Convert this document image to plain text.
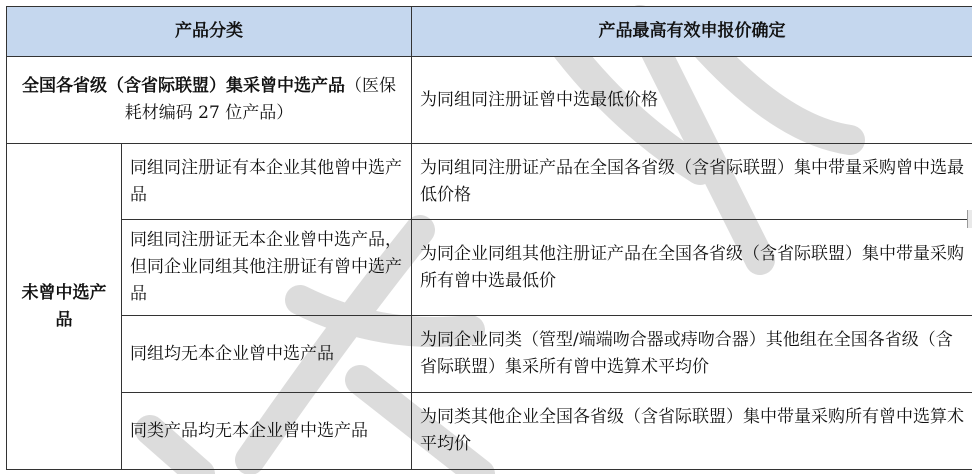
产品分类		产品最高有效申报价确定
全国各省级（含省际联盟）集采曾中选产品（医保耗材编码 27 位产品）		为同组同注册证曾中选最低价格
未曾中选产品	同组同注册证有本企业其他曾中选产品	为同组同注册证产品在全国各省级（含省际联盟）集中带量采购曾中选最低价格
	同组同注册证无本企业曾中选产品，但同企业同组其他注册证有曾中选产品	为同企业同组其他注册证产品在全国各省级（含省际联盟）集中带量采购所有曾中选最低价
	同组均无本企业曾中选产品	为同企业同类（管型/端端吻合器或痔吻合器）其他组在全国各省级（含省际联盟）集采所有曾中选算术平均价
	同类产品均无本企业曾中选产品	为同类其他企业全国各省级（含省际联盟）集中带量采购所有曾中选算术平均价
